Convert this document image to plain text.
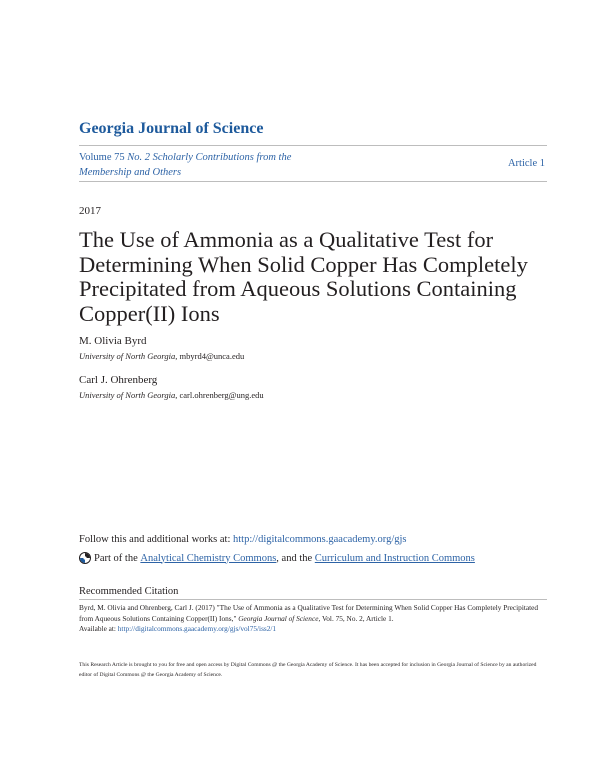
Georgia Journal of Science
Volume 75 No. 2 Scholarly Contributions from the Membership and Others
Article 1
2017
The Use of Ammonia as a Qualitative Test for Determining When Solid Copper Has Completely Precipitated from Aqueous Solutions Containing Copper(II) Ions
M. Olivia Byrd
University of North Georgia, mbyrd4@unca.edu
Carl J. Ohrenberg
University of North Georgia, carl.ohrenberg@ung.edu
Follow this and additional works at: http://digitalcommons.gaacademy.org/gjs
Part of the
Analytical Chemistry Commons , and the
Curriculum and Instruction Commons
Recommended Citation
Byrd, M. Olivia and Ohrenberg, Carl J. (2017) "The Use of Ammonia as a Qualitative Test for Determining When Solid Copper Has Completely Precipitated from Aqueous Solutions Containing Copper(II) Ions," Georgia Journal of Science, Vol. 75, No. 2, Article 1.
Available at: http://digitalcommons.gaacademy.org/gjs/vol75/iss2/1
This Research Article is brought to you for free and open access by Digital Commons @ the Georgia Academy of Science. It has been accepted for inclusion in Georgia Journal of Science by an authorized editor of Digital Commons @ the Georgia Academy of Science.
